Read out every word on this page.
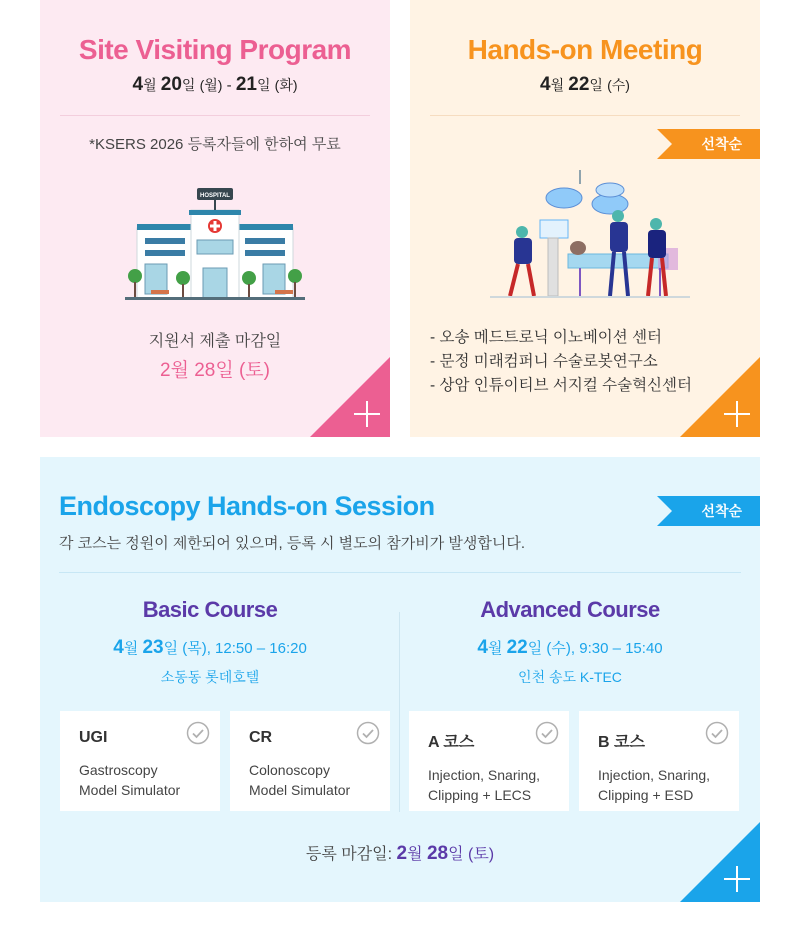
Site Visiting Program
4월 20일 (월) - 21일 (화)
*KSERS 2026 등록자들에 한하여 무료
HOSPITAL
지원서 제출 마감일
2월 28일 (토)
Hands-on Meeting
4월 22일 (수)
선착순
- 오송 메드트로닉 이노베이션 센터
- 문정 미래컴퍼니 수술로봇연구소
- 상암 인튜이티브 서지컬 수술혁신센터
Endoscopy Hands-on Session
각 코스는 정원이 제한되어 있으며, 등록 시 별도의 참가비가 발생합니다.
Basic Course
4월 23일 (목), 12:50 – 16:20
소동동 롯데호텔
Advanced Course
4월 22일 (수), 9:30 – 15:40
인천 송도 K-TEC
UGI
Gastroscopy
Model Simulator
CR
Colonoscopy
Model Simulator
A 코스
Injection, Snaring,
Clipping + LECS
B 코스
Injection, Snaring,
Clipping + ESD
등록 마감일: 2월 28일 (토)
선착순
